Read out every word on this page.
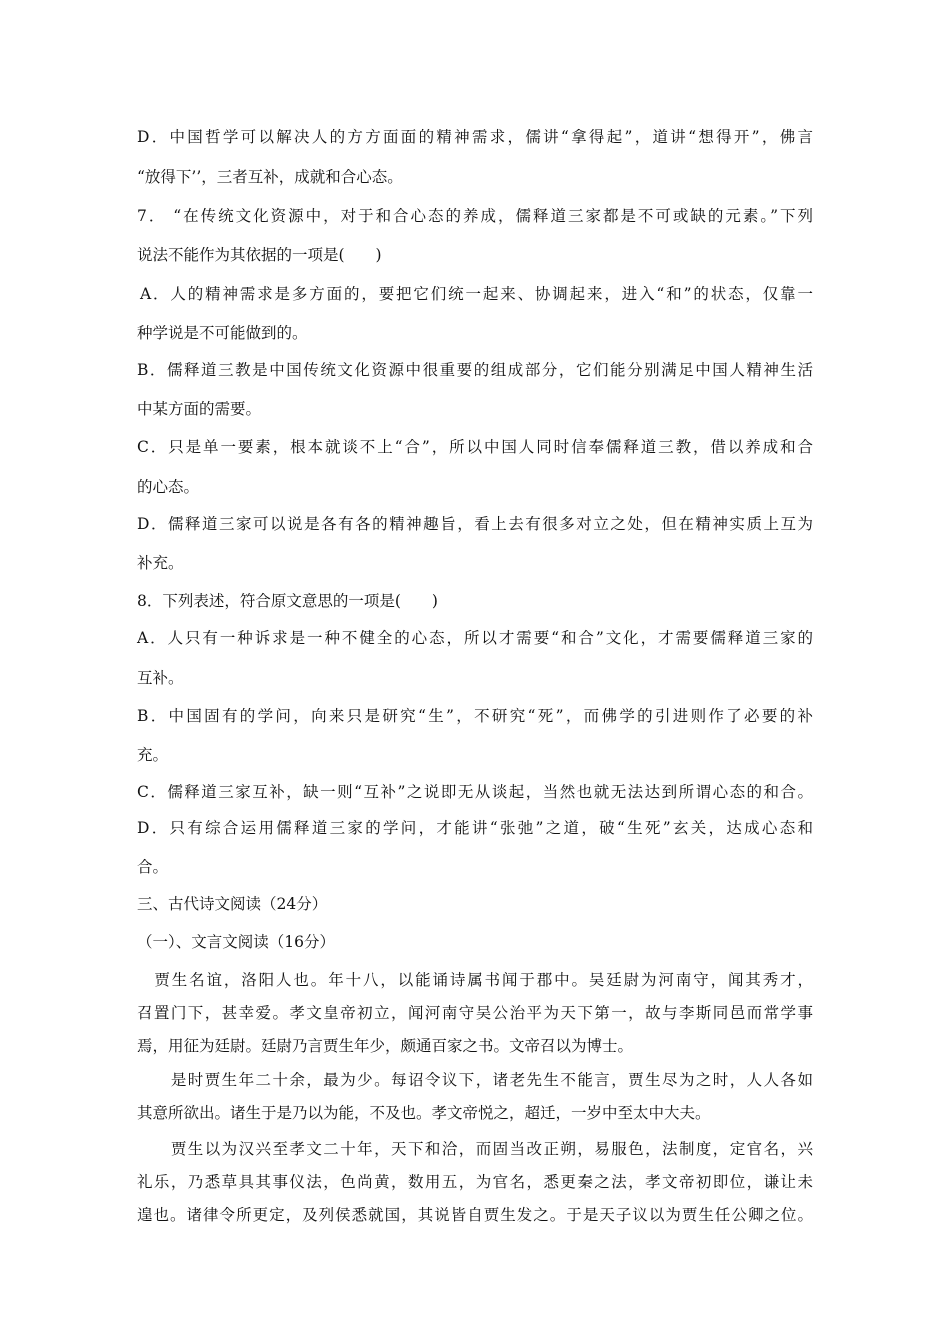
D．中国哲学可以解决人的方方面面的精神需求，儒讲“拿得起”，道讲“想得开”，佛言
“放得下’’，三者互补，成就和合心态。
7． “在传统文化资源中，对于和合心态的养成，儒释道三家都是不可或缺的元素。”下列
说法不能作为其依据的一项是(　　)
A．人的精神需求是多方面的，要把它们统一起来、协调起来，进入“和”的状态，仅靠一
种学说是不可能做到的。
B．儒释道三教是中国传统文化资源中很重要的组成部分，它们能分别满足中国人精神生活
中某方面的需要。
C．只是单一要素，根本就谈不上“合”，所以中国人同时信奉儒释道三教，借以养成和合
的心态。
D．儒释道三家可以说是各有各的精神趣旨，看上去有很多对立之处，但在精神实质上互为
补充。
8．下列表述，符合原文意思的一项是(　　)
A．人只有一种诉求是一种不健全的心态，所以才需要“和合”文化，才需要儒释道三家的
互补。
B．中国固有的学问，向来只是研究“生”，不研究“死”，而佛学的引进则作了必要的补
充。
C．儒释道三家互补，缺一则“互补”之说即无从谈起，当然也就无法达到所谓心态的和合。
D．只有综合运用儒释道三家的学问，才能讲“张弛”之道，破“生死”玄关，达成心态和
合。
三、古代诗文阅读（24分）
（一）、文言文阅读（16分）
　贾生名谊，洛阳人也。年十八，以能诵诗属书闻于郡中。吴廷尉为河南守，闻其秀才，
召置门下，甚幸爱。孝文皇帝初立，闻河南守吴公治平为天下第一，故与李斯同邑而常学事
焉，用征为廷尉。廷尉乃言贾生年少，颇通百家之书。文帝召以为博士。
　　是时贾生年二十余，最为少。每诏令议下，诸老先生不能言，贾生尽为之时，人人各如
其意所欲出。诸生于是乃以为能，不及也。孝文帝悦之，超迁，一岁中至太中大夫。
　　贾生以为汉兴至孝文二十年，天下和洽，而固当改正朔，易服色，法制度，定官名，兴
礼乐，乃悉草具其事仪法，色尚黄，数用五，为官名，悉更秦之法，孝文帝初即位，谦让未
遑也。诸律令所更定，及列侯悉就国，其说皆自贾生发之。于是天子议以为贾生任公卿之位。
